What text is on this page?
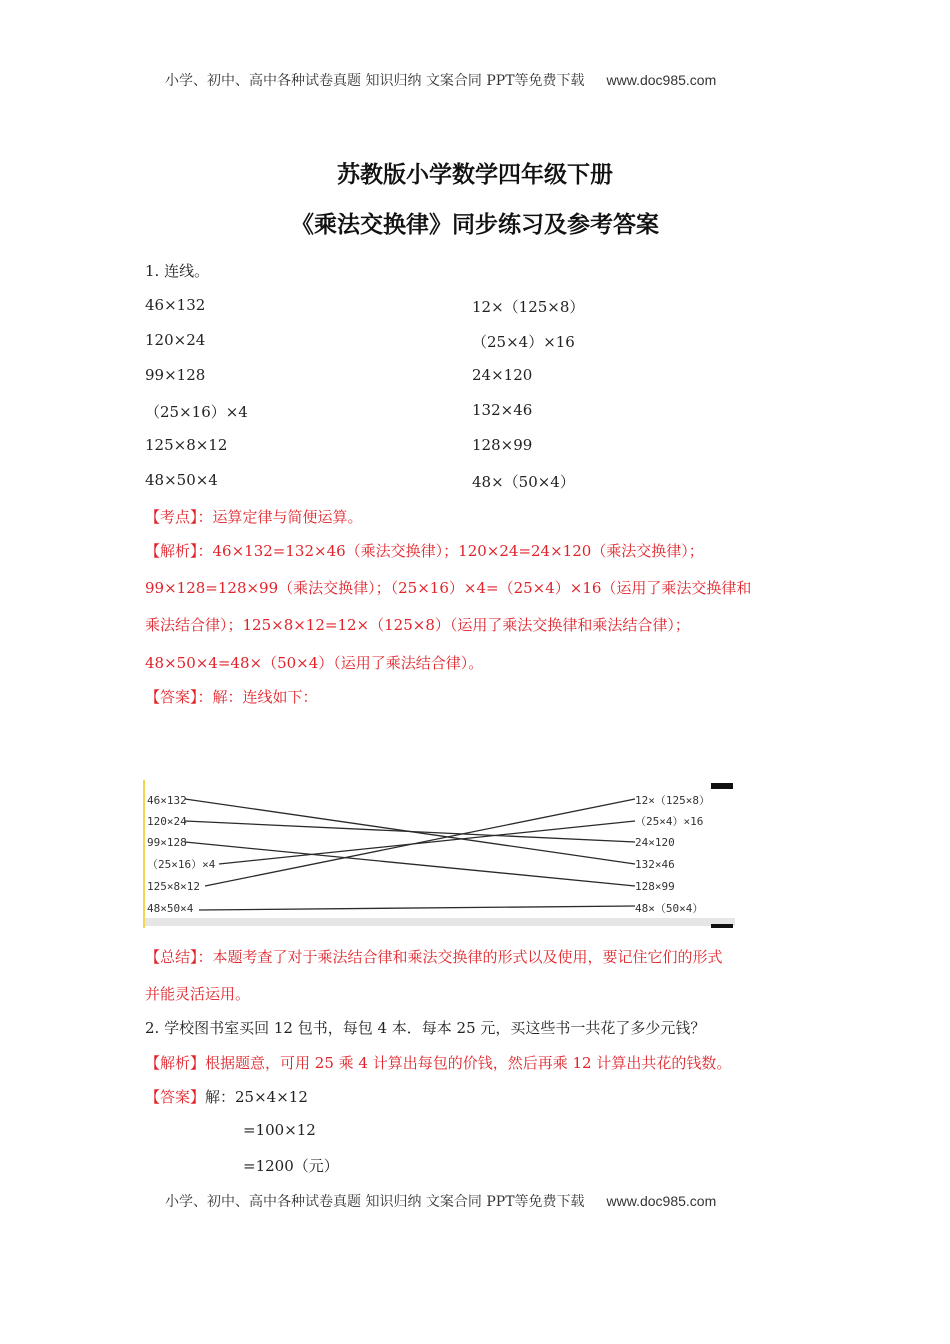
小学、初中、高中各种试卷真题 知识归纳 文案合同 PPT等免费下载 www.doc985.com
苏教版小学数学四年级下册
《乘法交换律》同步练习及参考答案
1. 连线。
46×132
120×24
99×128
（25×16）×4
125×8×12
48×50×4
12×（125×8）
（25×4）×16
24×120
132×46
128×99
48×（50×4）
【考点】：运算定律与简便运算。
【解析】：46×132=132×46（乘法交换律）；120×24=24×120（乘法交换律）；
99×128=128×99（乘法交换律）；（25×16）×4=（25×4）×16（运用了乘法交换律和
乘法结合律）；125×8×12=12×（125×8）（运用了乘法交换律和乘法结合律）；
48×50×4=48×（50×4）（运用了乘法结合律）。
【答案】：解：连线如下：
46×132
120×24
99×128
（25×16）×4
125×8×12
48×50×4
12×（125×8）
（25×4）×16
24×120
132×46
128×99
48×（50×4）
【总结】：本题考查了对于乘法结合律和乘法交换律的形式以及使用，要记住它们的形式
并能灵活运用。
2. 学校图书室买回 12 包书，每包 4 本．每本 25 元，买这些书一共花了多少元钱？
【解析】根据题意，可用 25 乘 4 计算出每包的价钱，然后再乘 12 计算出共花的钱数。
【答案】解：25×4×12
=100×12
=1200（元）
小学、初中、高中各种试卷真题 知识归纳 文案合同 PPT等免费下载 www.doc985.com
